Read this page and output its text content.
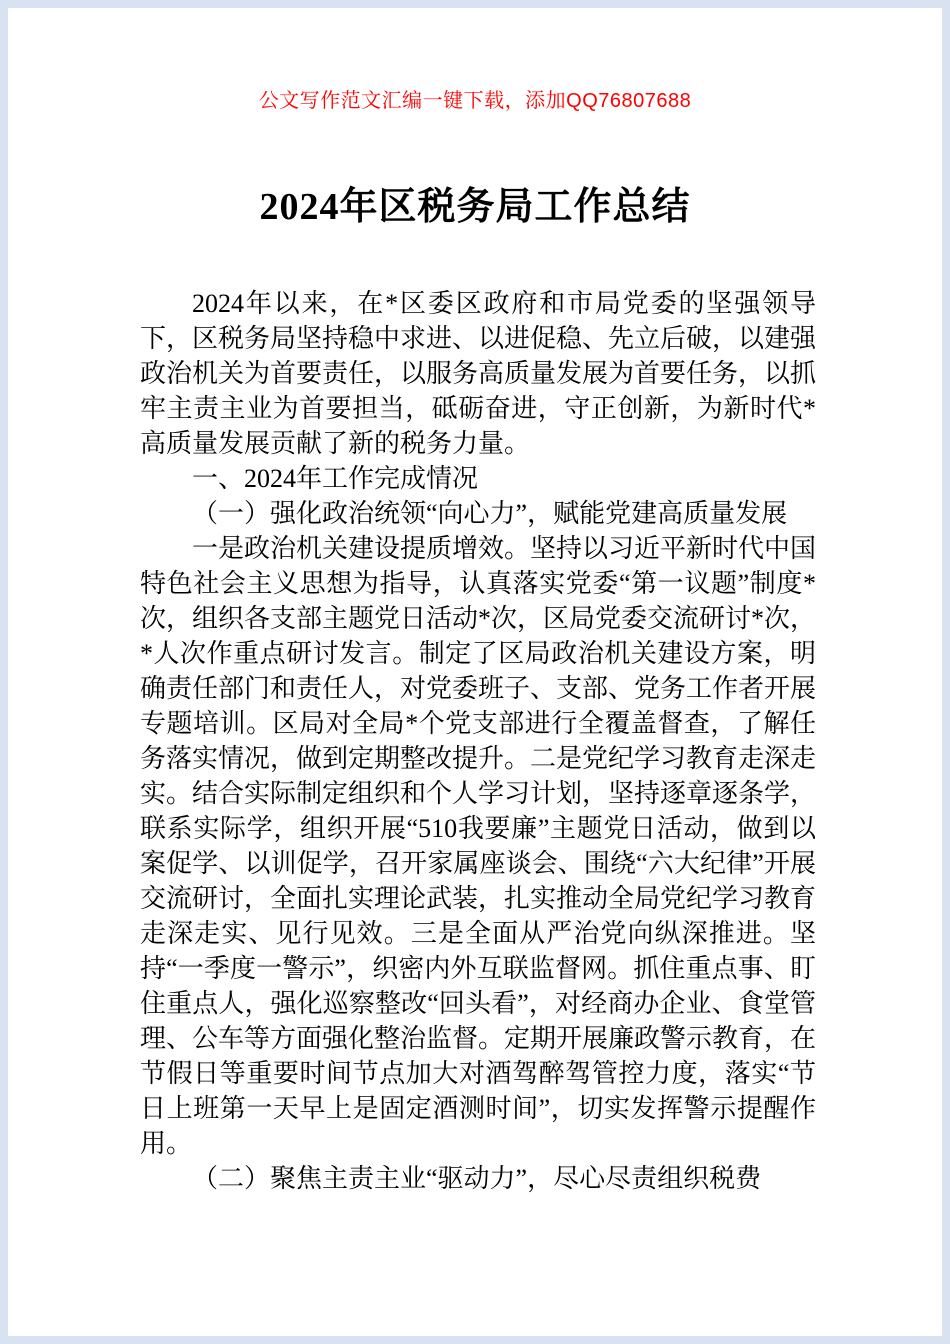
公文写作范文汇编一键下载，添加QQ76807688
2024年区税务局工作总结

2024年以来，在*区委区政府和市局党委的坚强领导下，区税务局坚持稳中求进、以进促稳、先立后破，以建强政治机关为首要责任，以服务高质量发展为首要任务，以抓牢主责主业为首要担当，砥砺奋进，守正创新，为新时代*高质量发展贡献了新的税务力量。

一、2024年工作完成情况

（一）强化政治统领“向心力”，赋能党建高质量发展

一是政治机关建设提质增效。坚持以习近平新时代中国特色社会主义思想为指导，认真落实党委“第一议题”制度*次，组织各支部主题党日活动*次，区局党委交流研讨*次，*人次作重点研讨发言。制定了区局政治机关建设方案，明确责任部门和责任人，对党委班子、支部、党务工作者开展专题培训。区局对全局*个党支部进行全覆盖督查，了解任务落实情况，做到定期整改提升。二是党纪学习教育走深走实。结合实际制定组织和个人学习计划，坚持逐章逐条学，联系实际学，组织开展“510我要廉”主题党日活动，做到以案促学、以训促学，召开家属座谈会、围绕“六大纪律”开展交流研讨，全面扎实理论武装，扎实推动全局党纪学习教育走深走实、见行见效。三是全面从严治党向纵深推进。坚持“一季度一警示”，织密内外互联监督网。抓住重点事、盯住重点人，强化巡察整改“回头看”，对经商办企业、食堂管理、公车等方面强化整治监督。定期开展廉政警示教育，在节假日等重要时间节点加大对酒驾醉驾管控力度，落实“节日上班第一天早上是固定酒测时间”，切实发挥警示提醒作用。

（二）聚焦主责主业“驱动力”，尽心尽责组织税费
